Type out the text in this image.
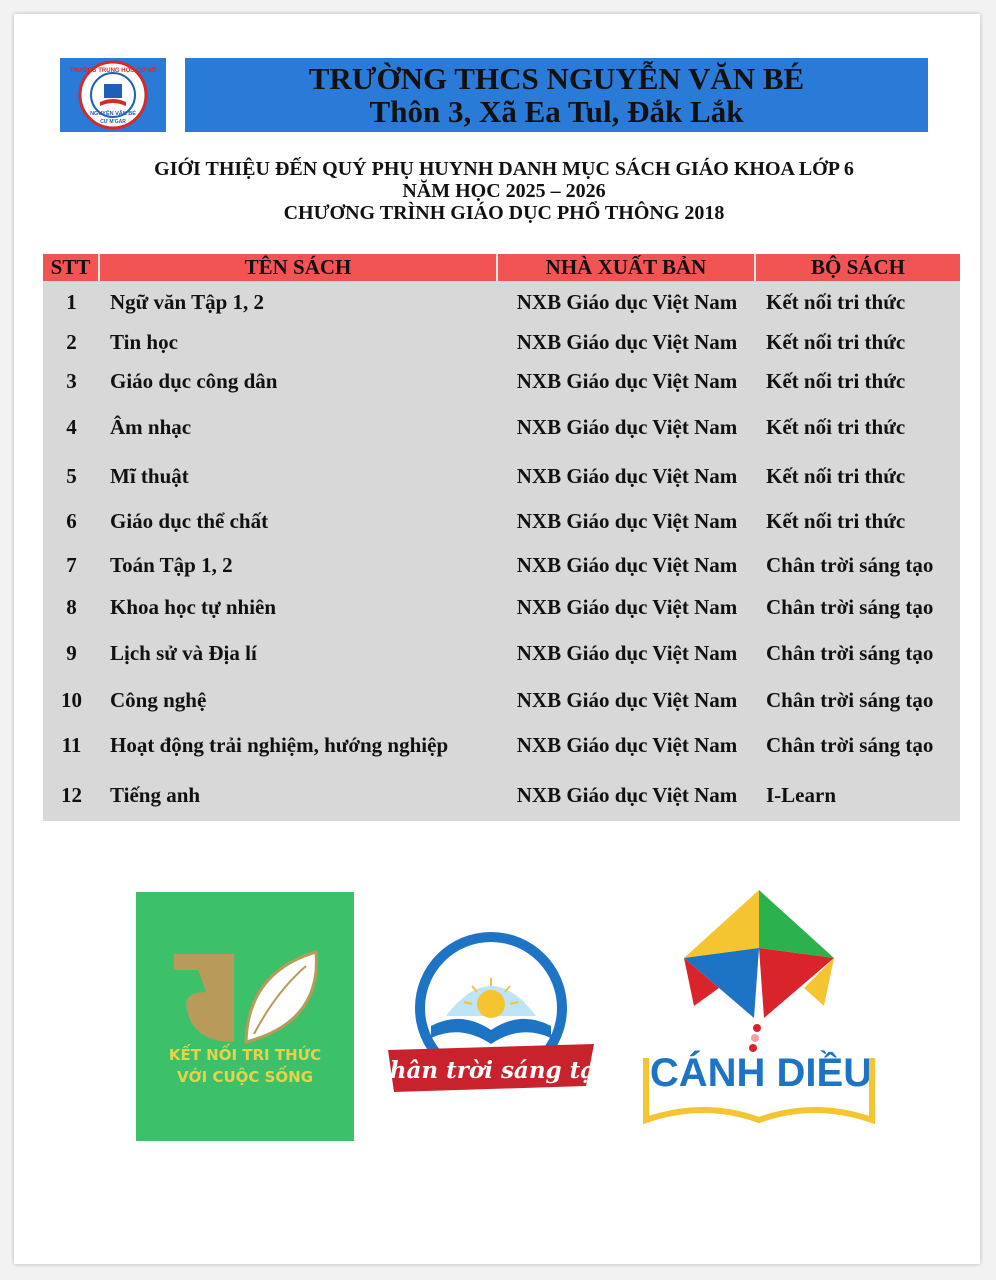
TRƯỜNG TRUNG HỌC CƠ SỞ
NGUYỄN VĂN BÉ
CƯ M'GAR
TRƯỜNG THCS NGUYỄN VĂN BÉ
Thôn 3, Xã Ea Tul, Đắk Lắk
GIỚI THIỆU ĐẾN QUÝ PHỤ HUYNH DANH MỤC SÁCH GIÁO KHOA LỚP 6
NĂM HỌC 2025 – 2026
CHƯƠNG TRÌNH GIÁO DỤC PHỔ THÔNG 2018
STT	TÊN SÁCH	NHÀ XUẤT BẢN	BỘ SÁCH
1	Ngữ văn Tập 1, 2	NXB Giáo dục Việt Nam	Kết nối tri thức
2	Tin học	NXB Giáo dục Việt Nam	Kết nối tri thức
3	Giáo dục công dân	NXB Giáo dục Việt Nam	Kết nối tri thức
4	Âm nhạc	NXB Giáo dục Việt Nam	Kết nối tri thức
5	Mĩ thuật	NXB Giáo dục Việt Nam	Kết nối tri thức
6	Giáo dục thể chất	NXB Giáo dục Việt Nam	Kết nối tri thức
7	Toán Tập 1, 2	NXB Giáo dục Việt Nam	Chân trời sáng tạo
8	Khoa học tự nhiên	NXB Giáo dục Việt Nam	Chân trời sáng tạo
9	Lịch sử và Địa lí	NXB Giáo dục Việt Nam	Chân trời sáng tạo
10	Công nghệ	NXB Giáo dục Việt Nam	Chân trời sáng tạo
11	Hoạt động trải nghiệm, hướng nghiệp	NXB Giáo dục Việt Nam	Chân trời sáng tạo
12	Tiếng anh	NXB Giáo dục Việt Nam	I-Learn
KẾT NỐI TRI THỨC
VỚI CUỘC SỐNG	Chân trời sáng tạo CÁNH DIỀU
